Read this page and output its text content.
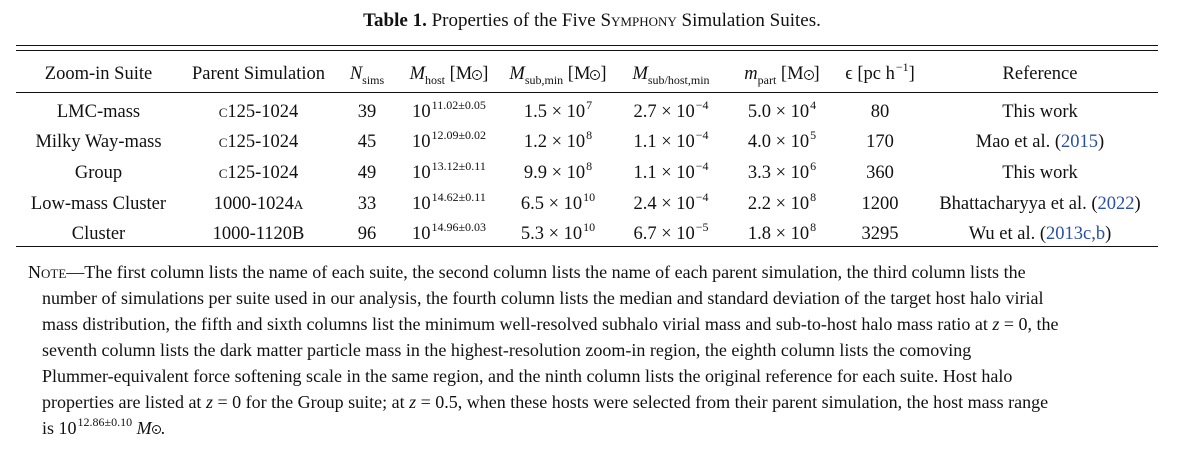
Table 1. Properties of the Five Symphony Simulation Suites.
Zoom-in Suite	Parent Simulation	$N_{sims}$	$M_{host}$ [M ]	$M_{sub,min}$ [M ]	$M_{sub/host,min}$	$m_{part}$ [M ]	ϵ [pc $h^{-1}$]	Reference
LMC-mass	c125-1024	39	$10^{11.02\pm 0.05}$	$1.5 \times 10^7$	$2.7 \times 10^{-4}$	$5.0 \times 10^4$	80	This work
Milky Way-mass	c125-1024	45	$10^{12.09\pm 0.02}$	$1.2 \times 10^8$	$1.1 \times 10^{-4}$	$4.0 \times 10^5$	170	Mao et al. (2015)
Group	c125-1024	49	$10^{13.12\pm 0.11}$	$9.9 \times 10^8$	$1.1 \times 10^{-4}$	$3.3 \times 10^6$	360	This work
Low-mass Cluster	1000-1024a	33	$10^{14.62\pm 0.11}$	$6.5 \times 10^{10}$	$2.4 \times 10^{-4}$	$2.2 \times 10^8$	1200	Bhattacharyya et al. (2022)
Cluster	1000-1120B	96	$10^{14.96\pm 0.03}$	$5.3 \times 10^{10}$	$6.7 \times 10^{-5}$	$1.8 \times 10^8$	3295	Wu et al. (2013c,b)
Note—The first column lists the name of each suite, the second column lists the name of each parent simulation, the third column lists the
number of simulations per suite used in our analysis, the fourth column lists the median and standard deviation of the target host halo virial
mass distribution, the fifth and sixth columns list the minimum well-resolved subhalo virial mass and sub-to-host halo mass ratio at z = 0, the
seventh column lists the dark matter particle mass in the highest-resolution zoom-in region, the eighth column lists the comoving
Plummer-equivalent force softening scale in the same region, and the ninth column lists the original reference for each suite. Host halo
properties are listed at z = 0 for the Group suite; at z = 0.5, when these hosts were selected from their parent simulation, the host mass range
is $10^{12.86\pm 0.10}$ M .
